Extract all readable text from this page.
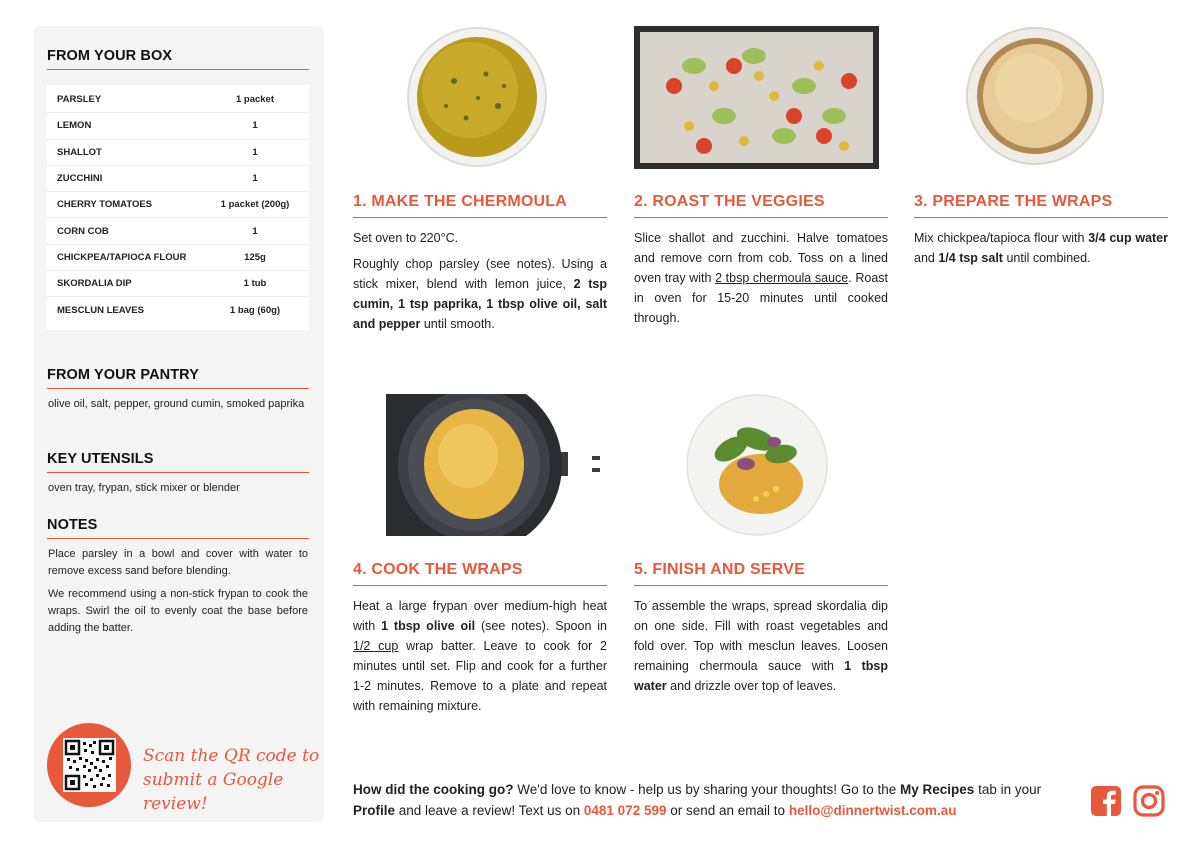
FROM YOUR BOX
PARSLEY	1 packet
LEMON	1
SHALLOT	1
ZUCCHINI	1
CHERRY TOMATOES	1 packet (200g)
CORN COB	1
CHICKPEA/TAPIOCA FLOUR	125g
SKORDALIA DIP	1 tub
MESCLUN LEAVES	1 bag (60g)
FROM YOUR PANTRY
olive oil, salt, pepper, ground cumin, smoked paprika
KEY UTENSILS
oven tray, frypan, stick mixer or blender
NOTES

Place parsley in a bowl and cover with water to remove excess sand before blending.

We recommend using a non-stick frypan to cook the wraps. Swirl the oil to evenly coat the base before adding the batter.

Scan the QR code to
submit a Google review!
1. MAKE THE CHERMOULA

Set oven to 220°C.

Roughly chop parsley (see notes). Using a stick mixer, blend with lemon juice, 2 tsp cumin, 1 tsp paprika, 1 tbsp olive oil, salt and pepper until smooth.

2. ROAST THE VEGGIES

Slice shallot and zucchini. Halve tomatoes and remove corn from cob. Toss on a lined oven tray with 2 tbsp chermoula sauce. Roast in oven for 15-20 minutes until cooked through.

3. PREPARE THE WRAPS

Mix chickpea/tapioca flour with 3/4 cup water and 1/4 tsp salt until combined.

4. COOK THE WRAPS

Heat a large frypan over medium-high heat with 1 tbsp olive oil (see notes). Spoon in 1/2 cup wrap batter. Leave to cook for 2 minutes until set. Flip and cook for a further 1-2 minutes. Remove to a plate and repeat with remaining mixture.

5. FINISH AND SERVE

To assemble the wraps, spread skordalia dip on one side. Fill with roast vegetables and fold over. Top with mesclun leaves. Loosen remaining chermoula sauce with 1 tbsp water and drizzle over top of leaves.

How did the cooking go? We'd love to know - help us by sharing your thoughts! Go to the My Recipes tab in your Profile and leave a review! Text us on 0481 072 599 or send an email to hello@dinnertwist.com.au
